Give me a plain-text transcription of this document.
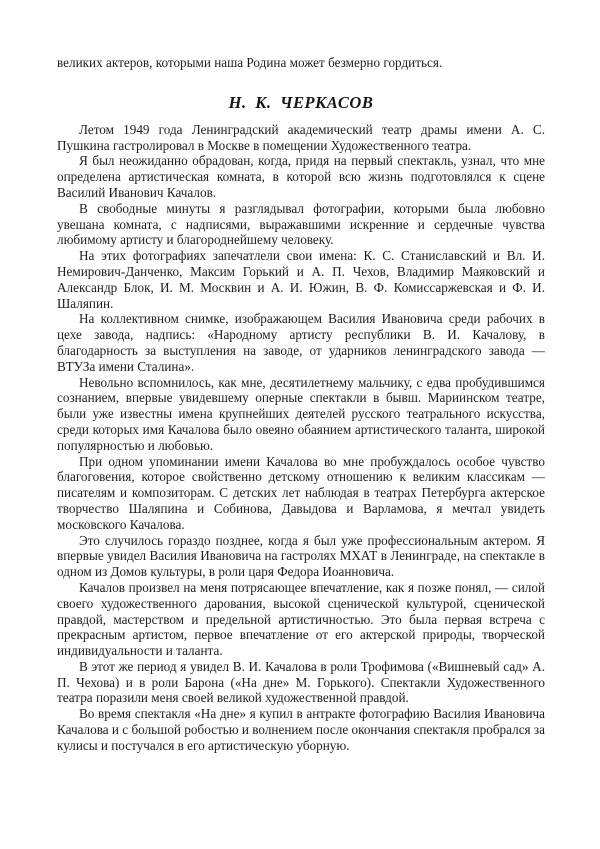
великих актеров, которыми наша Родина может безмерно гордиться.

Н. К. ЧЕРКАСОВ

Летом 1949 года Ленинградский академический театр драмы имени А. С. Пушкина гастролировал в Москве в помещении Художественного театра.

Я был неожиданно обрадован, когда, придя на первый спектакль, узнал, что мне определена артистическая комната, в которой всю жизнь подготовлялся к сцене Василий Иванович Качалов.

В свободные минуты я разглядывал фотографии, которыми была любовно увешана комната, с надписями, выражавшими искренние и сердечные чувства любимому артисту и благороднейшему человеку.

На этих фотографиях запечатлели свои имена: К. С. Станиславский и Вл. И. Немирович-Данченко, Максим Горький и А. П. Чехов, Владимир Маяковский и Александр Блок, И. М. Москвин и А. И. Южин, В. Ф. Комиссаржевская и Ф. И. Шаляпин.

На коллективном снимке, изображающем Василия Ивановича среди рабочих в цехе завода, надпись: «Народному артисту республики В. И. Качалову, в благодарность за выступления на заводе, от ударников ленинградского завода — ВТУЗа имени Сталина».

Невольно вспомнилось, как мне, десятилетнему мальчику, с едва пробудившимся сознанием, впервые увидевшему оперные спектакли в бывш. Мариинском театре, были уже известны имена крупнейших деятелей русского театрального искусства, среди которых имя Качалова было овеяно обаянием артистического таланта, широкой популярностью и любовью.

При одном упоминании имени Качалова во мне пробуждалось особое чувство благоговения, которое свойственно детскому отношению к великим классикам — писателям и композиторам. С детских лет наблюдая в театрах Петербурга актерское творчество Шаляпина и Собинова, Давыдова и Варламова, я мечтал увидеть московского Качалова.

Это случилось гораздо позднее, когда я был уже профессиональным актером. Я впервые увидел Василия Ивановича на гастролях МХАТ в Ленинграде, на спектакле в одном из Домов культуры, в роли царя Федора Иоанновича.

Качалов произвел на меня потрясающее впечатление, как я позже понял, — силой своего художественного дарования, высокой сценической культурой, сценической правдой, мастерством и предельной артистичностью. Это была первая встреча с прекрасным артистом, первое впечатление от его актерской природы, творческой индивидуальности и таланта.

В этот же период я увидел В. И. Качалова в роли Трофимова («Вишневый сад» А. П. Чехова) и в роли Барона («На дне» М. Горького). Спектакли Художественного театра поразили меня своей великой художественной правдой.

Во время спектакля «На дне» я купил в антракте фотографию Василия Ивановича Качалова и с большой робостью и волнением после окончания спектакля пробрался за кулисы и постучался в его артистическую уборную.
